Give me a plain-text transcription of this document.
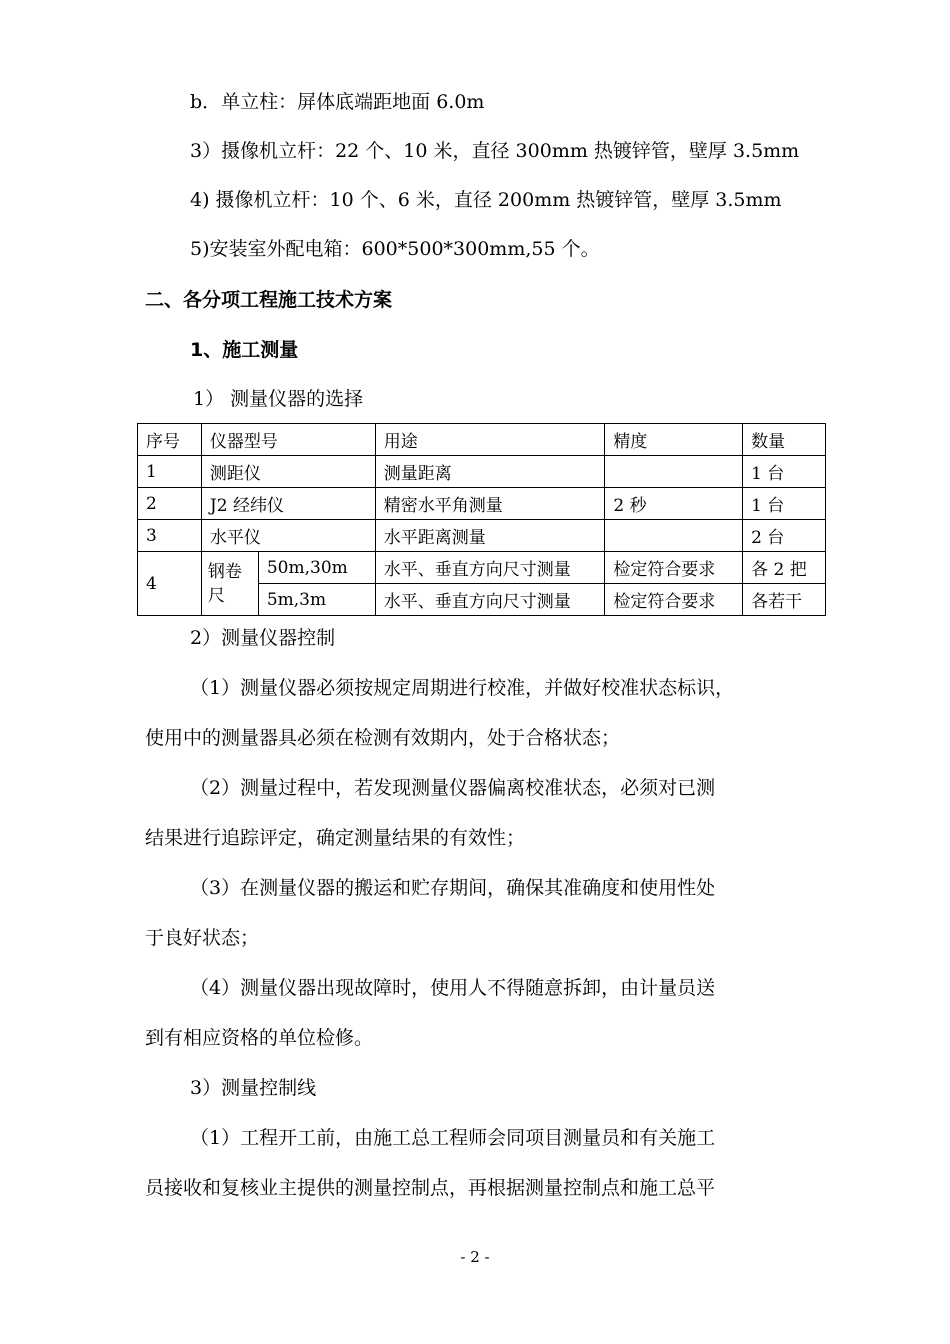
b．单立柱：屏体底端距地面 6.0m
3）摄像机立杆：22 个、10 米，直径 300mm 热镀锌管，壁厚 3.5mm
4) 摄像机立杆：10 个、6 米，直径 200mm 热镀锌管，壁厚 3.5mm
5)安装室外配电箱：600*500*300mm,55 个。
二、各分项工程施工技术方案
1、施工测量
1） 测量仪器的选择
序号	仪器型号		用途	精度	数量
1	测距仪		测量距离		1 台
2	J2 经纬仪		精密水平角测量	2 秒	1 台
3	水平仪		水平距离测量		2 台
4	钢卷尺	50m,30m	水平、垂直方向尺寸测量	检定符合要求	各 2 把
		5m,3m	水平、垂直方向尺寸测量	检定符合要求	各若干
2）测量仪器控制
（1）测量仪器必须按规定周期进行校准，并做好校准状态标识，
使用中的测量器具必须在检测有效期内，处于合格状态；
（2）测量过程中，若发现测量仪器偏离校准状态，必须对已测
结果进行追踪评定，确定测量结果的有效性；
（3）在测量仪器的搬运和贮存期间，确保其准确度和使用性处
于良好状态；
（4）测量仪器出现故障时，使用人不得随意拆卸，由计量员送
到有相应资格的单位检修。
3）测量控制线
（1）工程开工前，由施工总工程师会同项目测量员和有关施工
员接收和复核业主提供的测量控制点，再根据测量控制点和施工总平
- 2 -
